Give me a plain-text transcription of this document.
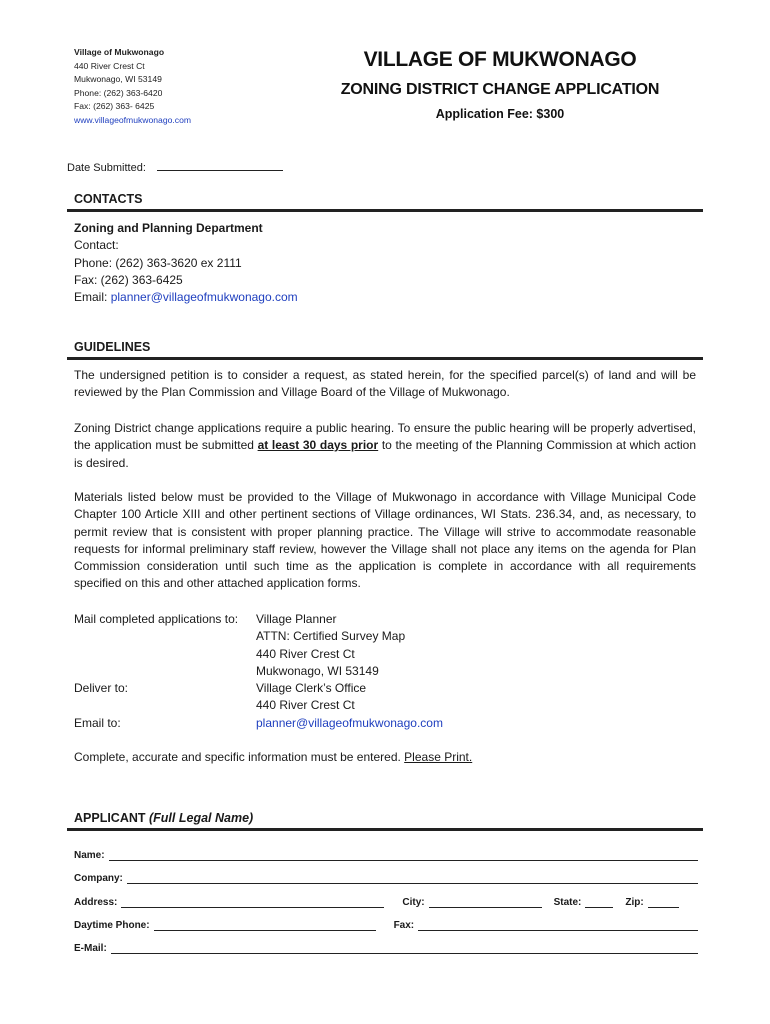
Village of Mukwonago
440 River Crest Ct
Mukwonago, WI 53149
Phone: (262) 363-6420
Fax: (262) 363- 6425
www.villageofmukwonago.com
VILLAGE OF MUKWONAGO
ZONING DISTRICT CHANGE APPLICATION
Application Fee: $300
Date Submitted:
CONTACTS
Zoning and Planning Department
Contact:
Phone: (262) 363-3620 ex 2111
Fax: (262) 363-6425
Email: planner@villageofmukwonago.com
GUIDELINES
The undersigned petition is to consider a request, as stated herein, for the specified parcel(s) of land and will be reviewed by the Plan Commission and Village Board of the Village of Mukwonago.
Zoning District change applications require a public hearing. To ensure the public hearing will be properly advertised, the application must be submitted at least 30 days prior to the meeting of the Planning Commission at which action is desired.
Materials listed below must be provided to the Village of Mukwonago in accordance with Village Municipal Code Chapter 100 Article XIII and other pertinent sections of Village ordinances, WI Stats. 236.34, and, as necessary, to permit review that is consistent with proper planning practice. The Village will strive to accommodate reasonable requests for informal preliminary staff review, however the Village shall not place any items on the agenda for Plan Commission consideration until such time as the application is complete in accordance with all requirements specified on this and other attached application forms.
Mail completed applications to:	Village Planner
ATTN: Certified Survey Map
440 River Crest Ct
Mukwonago, WI 53149
Deliver to:	Village Clerk’s Office
440 River Crest Ct
Email to:	planner@villageofmukwonago.com
Complete, accurate and specific information must be entered. Please Print.
APPLICANT (Full Legal Name)
Name:
Company:
Address:	City:	State:	Zip:
Daytime Phone:	Fax:
E-Mail:
